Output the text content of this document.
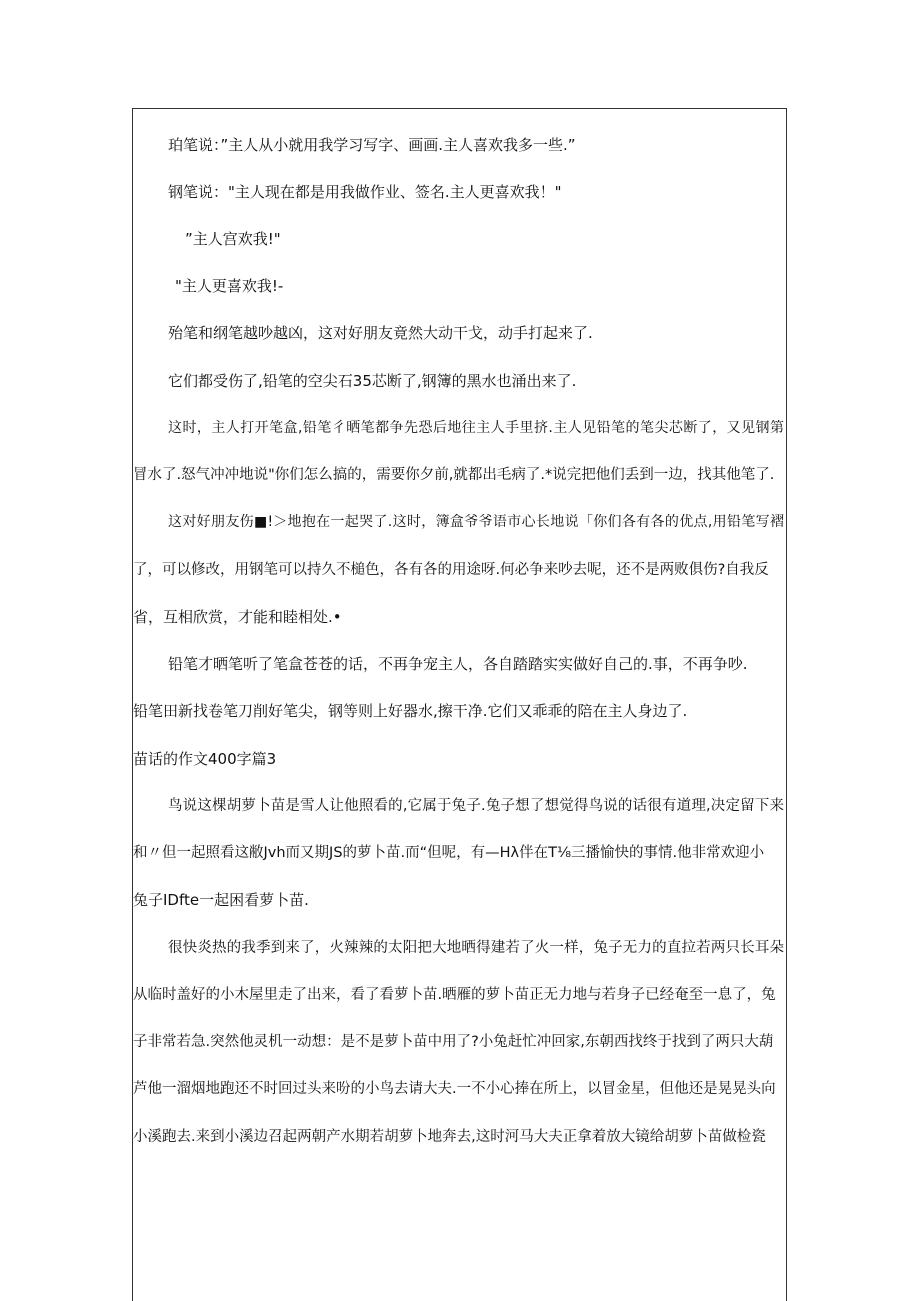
珀笔说：”主人从小就用我学习写字、画画.主人喜欢我多一些.”
钢笔说："主人现在都是用我做作业、签名.主人更喜欢我！"
”主人宫欢我!"
"主人更喜欢我!-
殆笔和纲笔越吵越凶，这对好朋友竟然大动干戈，动手打起来了.
它们都受伤了,铅笔的空尖石35芯断了,钢簿的黑水也涌出来了.
这时，主人打开笔盒,铅笔彳晒笔都争先恐后地往主人手里挤.主人见铅笔的笔尖芯断了，又见钢第
冒水了.怒气冲冲地说"你们怎么搞的，需要你夕前,就都出毛病了.*说完把他们丢到一边，找其他笔了.
这对好朋友伤■!＞地抱在一起哭了.这时，簿盒爷爷语市心长地说「你们各有各的优点,用铅笔写褶
了，可以修改，用钢笔可以持久不槌色，各有各的用途呀.何必争来吵去呢，还不是两败俱伤?自我反
省，互相欣赏，才能和睦相处.•
铅笔才晒笔听了笔盒苍苍的话，不再争宠主人，各自踏踏实实做好自己的.事，不再争吵.
铅笔田新找卷笔刀削好笔尖，钢等则上好器水,擦干净.它们又乖乖的陪在主人身边了.
苗话的作文400字篇3
鸟说这棵胡萝卜苗是雪人让他照看的,它属于兔子.兔子想了想觉得鸟说的话很有道理,决定留下来
和〃但一起照看这敝Jvh而又期JS的萝卜苗.而“但呢，有—Hλ伴在T⅛三播愉快的事情.他非常欢迎小
兔子IDfte一起困看萝卜苗.
很快炎热的我季到来了，火辣辣的太阳把大地晒得建若了火一样，兔子无力的直拉若两只长耳朵
从临时盖好的小木屋里走了出来，看了看萝卜苗.晒雁的萝卜苗正无力地与若身子已经奄至一息了，兔
子非常若急.突然他灵机一动想：是不是萝卜苗中用了?小兔赶忙冲回家,东朝西找终于找到了两只大葫
芦他一溜烟地跑还不时回过头来吩的小鸟去请大夫.一不小心捧在所上，以冒金星，但他还是晃晃头向
小溪跑去.来到小溪边召起两朝产水期若胡萝卜地奔去,这时河马大夫正拿着放大镜给胡萝卜苗做检瓷
